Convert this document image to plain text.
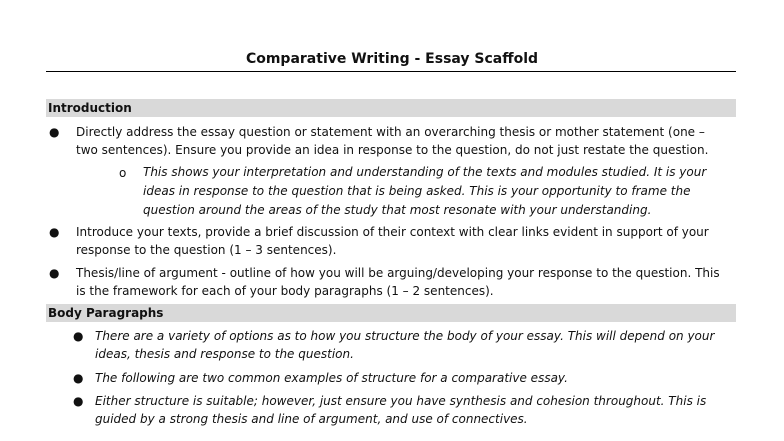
Comparative Writing - Essay Scaffold
Introduction
● Directly address the essay question or statement with an overarching thesis or mother statement (one – two sentences). Ensure you provide an idea in response to the question, do not just restate the question.
o This shows your interpretation and understanding of the texts and modules studied. It is your ideas in response to the question that is being asked. This is your opportunity to frame the question around the areas of the study that most resonate with your understanding.
● Introduce your texts, provide a brief discussion of their context with clear links evident in support of your response to the question (1 – 3 sentences).
● Thesis/line of argument - outline of how you will be arguing/developing your response to the question. This is the framework for each of your body paragraphs (1 – 2 sentences).
Body Paragraphs
● There are a variety of options as to how you structure the body of your essay. This will depend on your ideas, thesis and response to the question.
● The following are two common examples of structure for a comparative essay.
● Either structure is suitable; however, just ensure you have synthesis and cohesion throughout. This is guided by a strong thesis and line of argument, and use of connectives.
